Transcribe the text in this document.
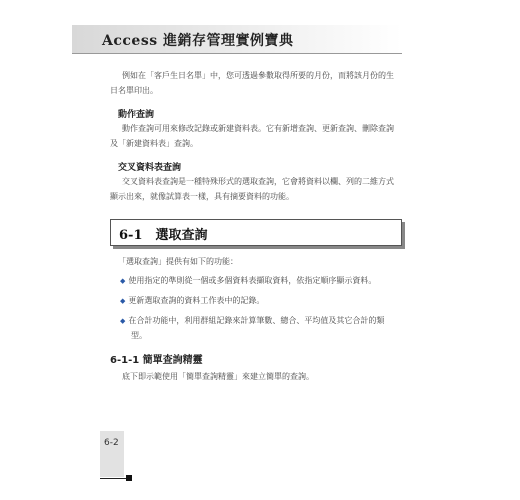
Access 進銷存管理實例寶典
例如在「客戶生日名單」中，您可透過參數取得所要的月份，而將該月份的生
日名單印出。
動作查詢
動作查詢可用來修改記錄或新建資料表。它有新增查詢、更新查詢、刪除查詢
及「新建資料表」查詢。
交叉資料表查詢
交叉資料表查詢是一種特殊形式的選取查詢，它會將資料以欄、列的二維方式
顯示出來，就像試算表一樣，具有摘要資料的功能。
6-1　選取查詢
「選取查詢」提供有如下的功能：
◆ 使用指定的準則從一個或多個資料表擷取資料，依指定順序顯示資料。
◆ 更新選取查詢的資料工作表中的記錄。
◆ 在合計功能中，利用群組記錄來計算筆數、總合、平均值及其它合計的類
型。
6-1-1 簡單查詢精靈
底下即示範使用「簡單查詢精靈」來建立簡單的查詢。
6-2
